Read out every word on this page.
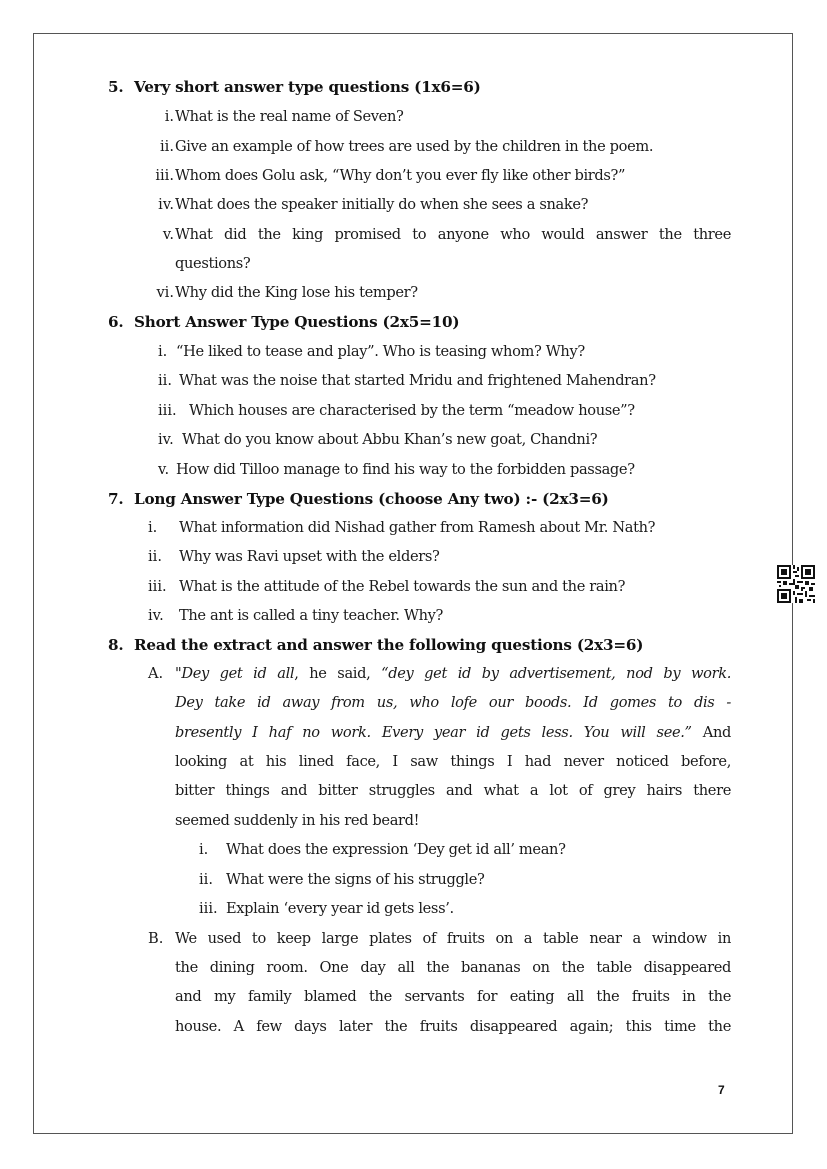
5. Very short answer type questions (1x6=6)
i. What is the real name of Seven?
ii. Give an example of how trees are used by the children in the poem.
iii. Whom does Golu ask, “Why don’t you ever fly like other birds?”
iv. What does the speaker initially do when she sees a snake?
v. What did the king promised to anyone who would answer the three
questions?
vi. Why did the King lose his temper?
6. Short Answer Type Questions (2x5=10)
i. “He liked to tease and play”. Who is teasing whom? Why?
ii. What was the noise that started Mridu and frightened Mahendran?
iii. Which houses are characterised by the term “meadow house”?
iv. What do you know about Abbu Khan’s new goat, Chandni?
v. How did Tilloo manage to find his way to the forbidden passage?
7. Long Answer Type Questions (choose Any two) :- (2x3=6)
i. What information did Nishad gather from Ramesh about Mr. Nath?
ii. Why was Ravi upset with the elders?
iii. What is the attitude of the Rebel towards the sun and the rain?
iv. The ant is called a tiny teacher. Why?
8. Read the extract and answer the following questions (2x3=6)
A. "Dey get id all, he said, “dey get id by advertisement, nod by work.
Dey take id away from us, who lofe our boods. Id gomes to dis -
bresently I haf no work. Every year id gets less. You will see.” And
looking at his lined face, I saw things I had never noticed before,
bitter things and bitter struggles and what a lot of grey hairs there
seemed suddenly in his red beard!
i. What does the expression ‘Dey get id all’ mean?
ii. What were the signs of his struggle?
iii. Explain ‘every year id gets less’.
B. We used to keep large plates of fruits on a table near a window in
the dining room. One day all the bananas on the table disappeared
and my family blamed the servants for eating all the fruits in the
house. A few days later the fruits disappeared again; this time the
7
